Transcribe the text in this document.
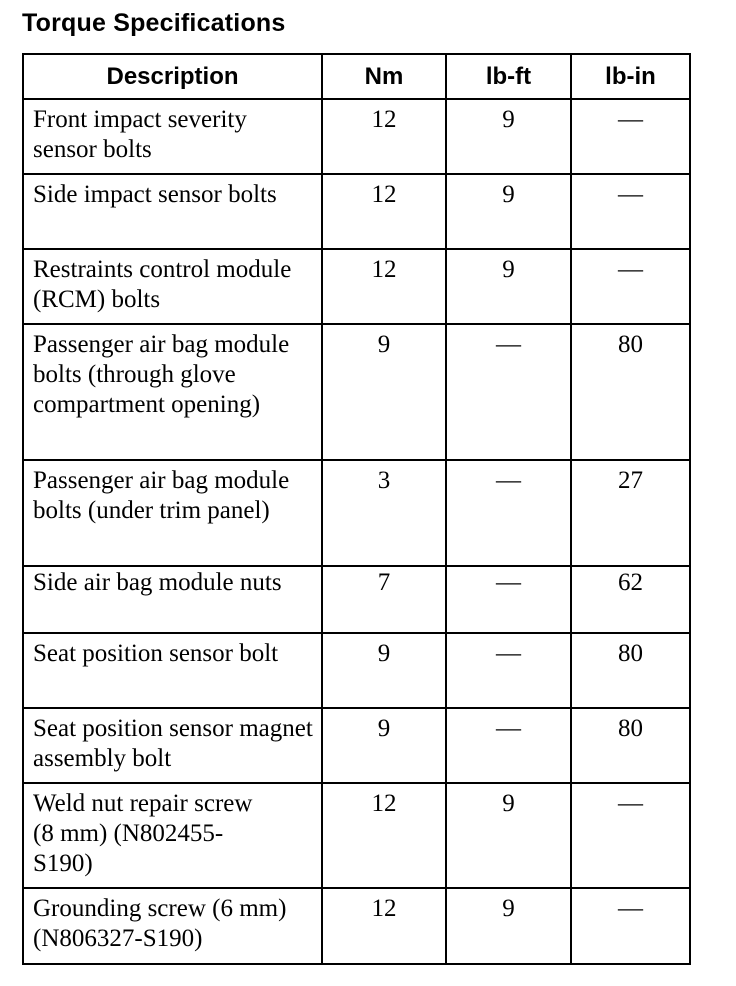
Torque Specifications
Description	Nm	lb-ft	lb-in
Front impact severity sensor bolts	12	9	—
Side impact sensor bolts	12	9	—
Restraints control module (RCM) bolts	12	9	—
Passenger air bag module bolts (through glove compartment opening)	9	—	80
Passenger air bag module bolts (under trim panel)	3	—	27
Side air bag module nuts	7	—	62
Seat position sensor bolt	9	—	80
Seat position sensor magnet assembly bolt	9	—	80
Weld nut repair screw (8 mm) (N802455-S190)	12	9	—
Grounding screw (6 mm) (N806327-S190)	12	9	—
